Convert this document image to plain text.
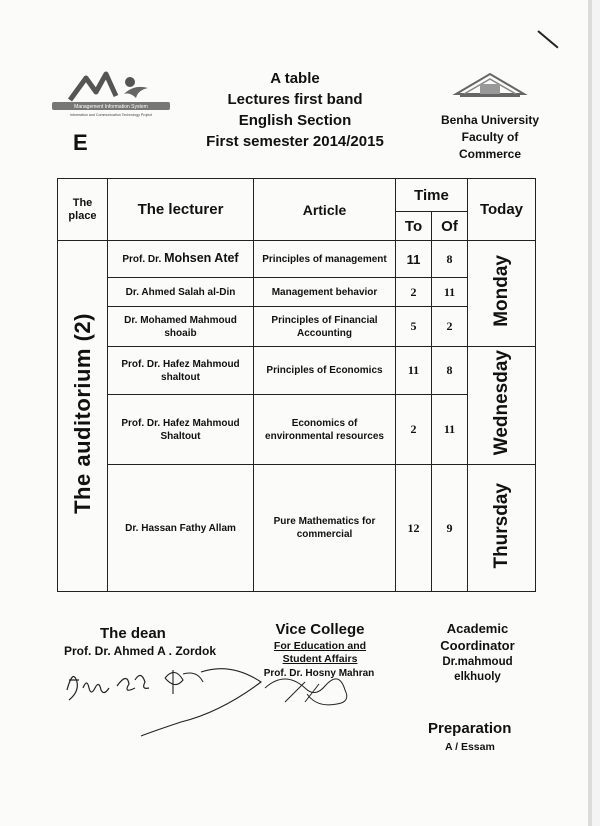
Management Information System
Information and Communication Technology Project
E
A table
Lectures first band
English Section
First semester 2014/2015
Benha University
Faculty of
Commerce
The place	The lecturer	Article	Time		Today
			To	Of	
The auditorium (2)	Prof. Dr. Mohsen Atef	Principles of management	11	8	Monday
	Dr. Ahmed Salah al-Din	Management behavior	2	11	
	Dr. Mohamed Mahmoud shoaib	Principles of Financial Accounting	5	2	
	Prof. Dr. Hafez Mahmoud shaltout	Principles of Economics	11	8	Wednesday
	Prof. Dr. Hafez Mahmoud Shaltout	Economics of environmental resources	2	11	
	Dr. Hassan Fathy Allam	Pure Mathematics for commercial	12	9	Thursday
The dean
Prof. Dr. Ahmed A . Zordok
Vice College
For Education and
Student Affairs
Prof. Dr. Hosny Mahran
Academic
Coordinator
Dr.mahmoud
elkhuoly
Preparation
A / Essam
